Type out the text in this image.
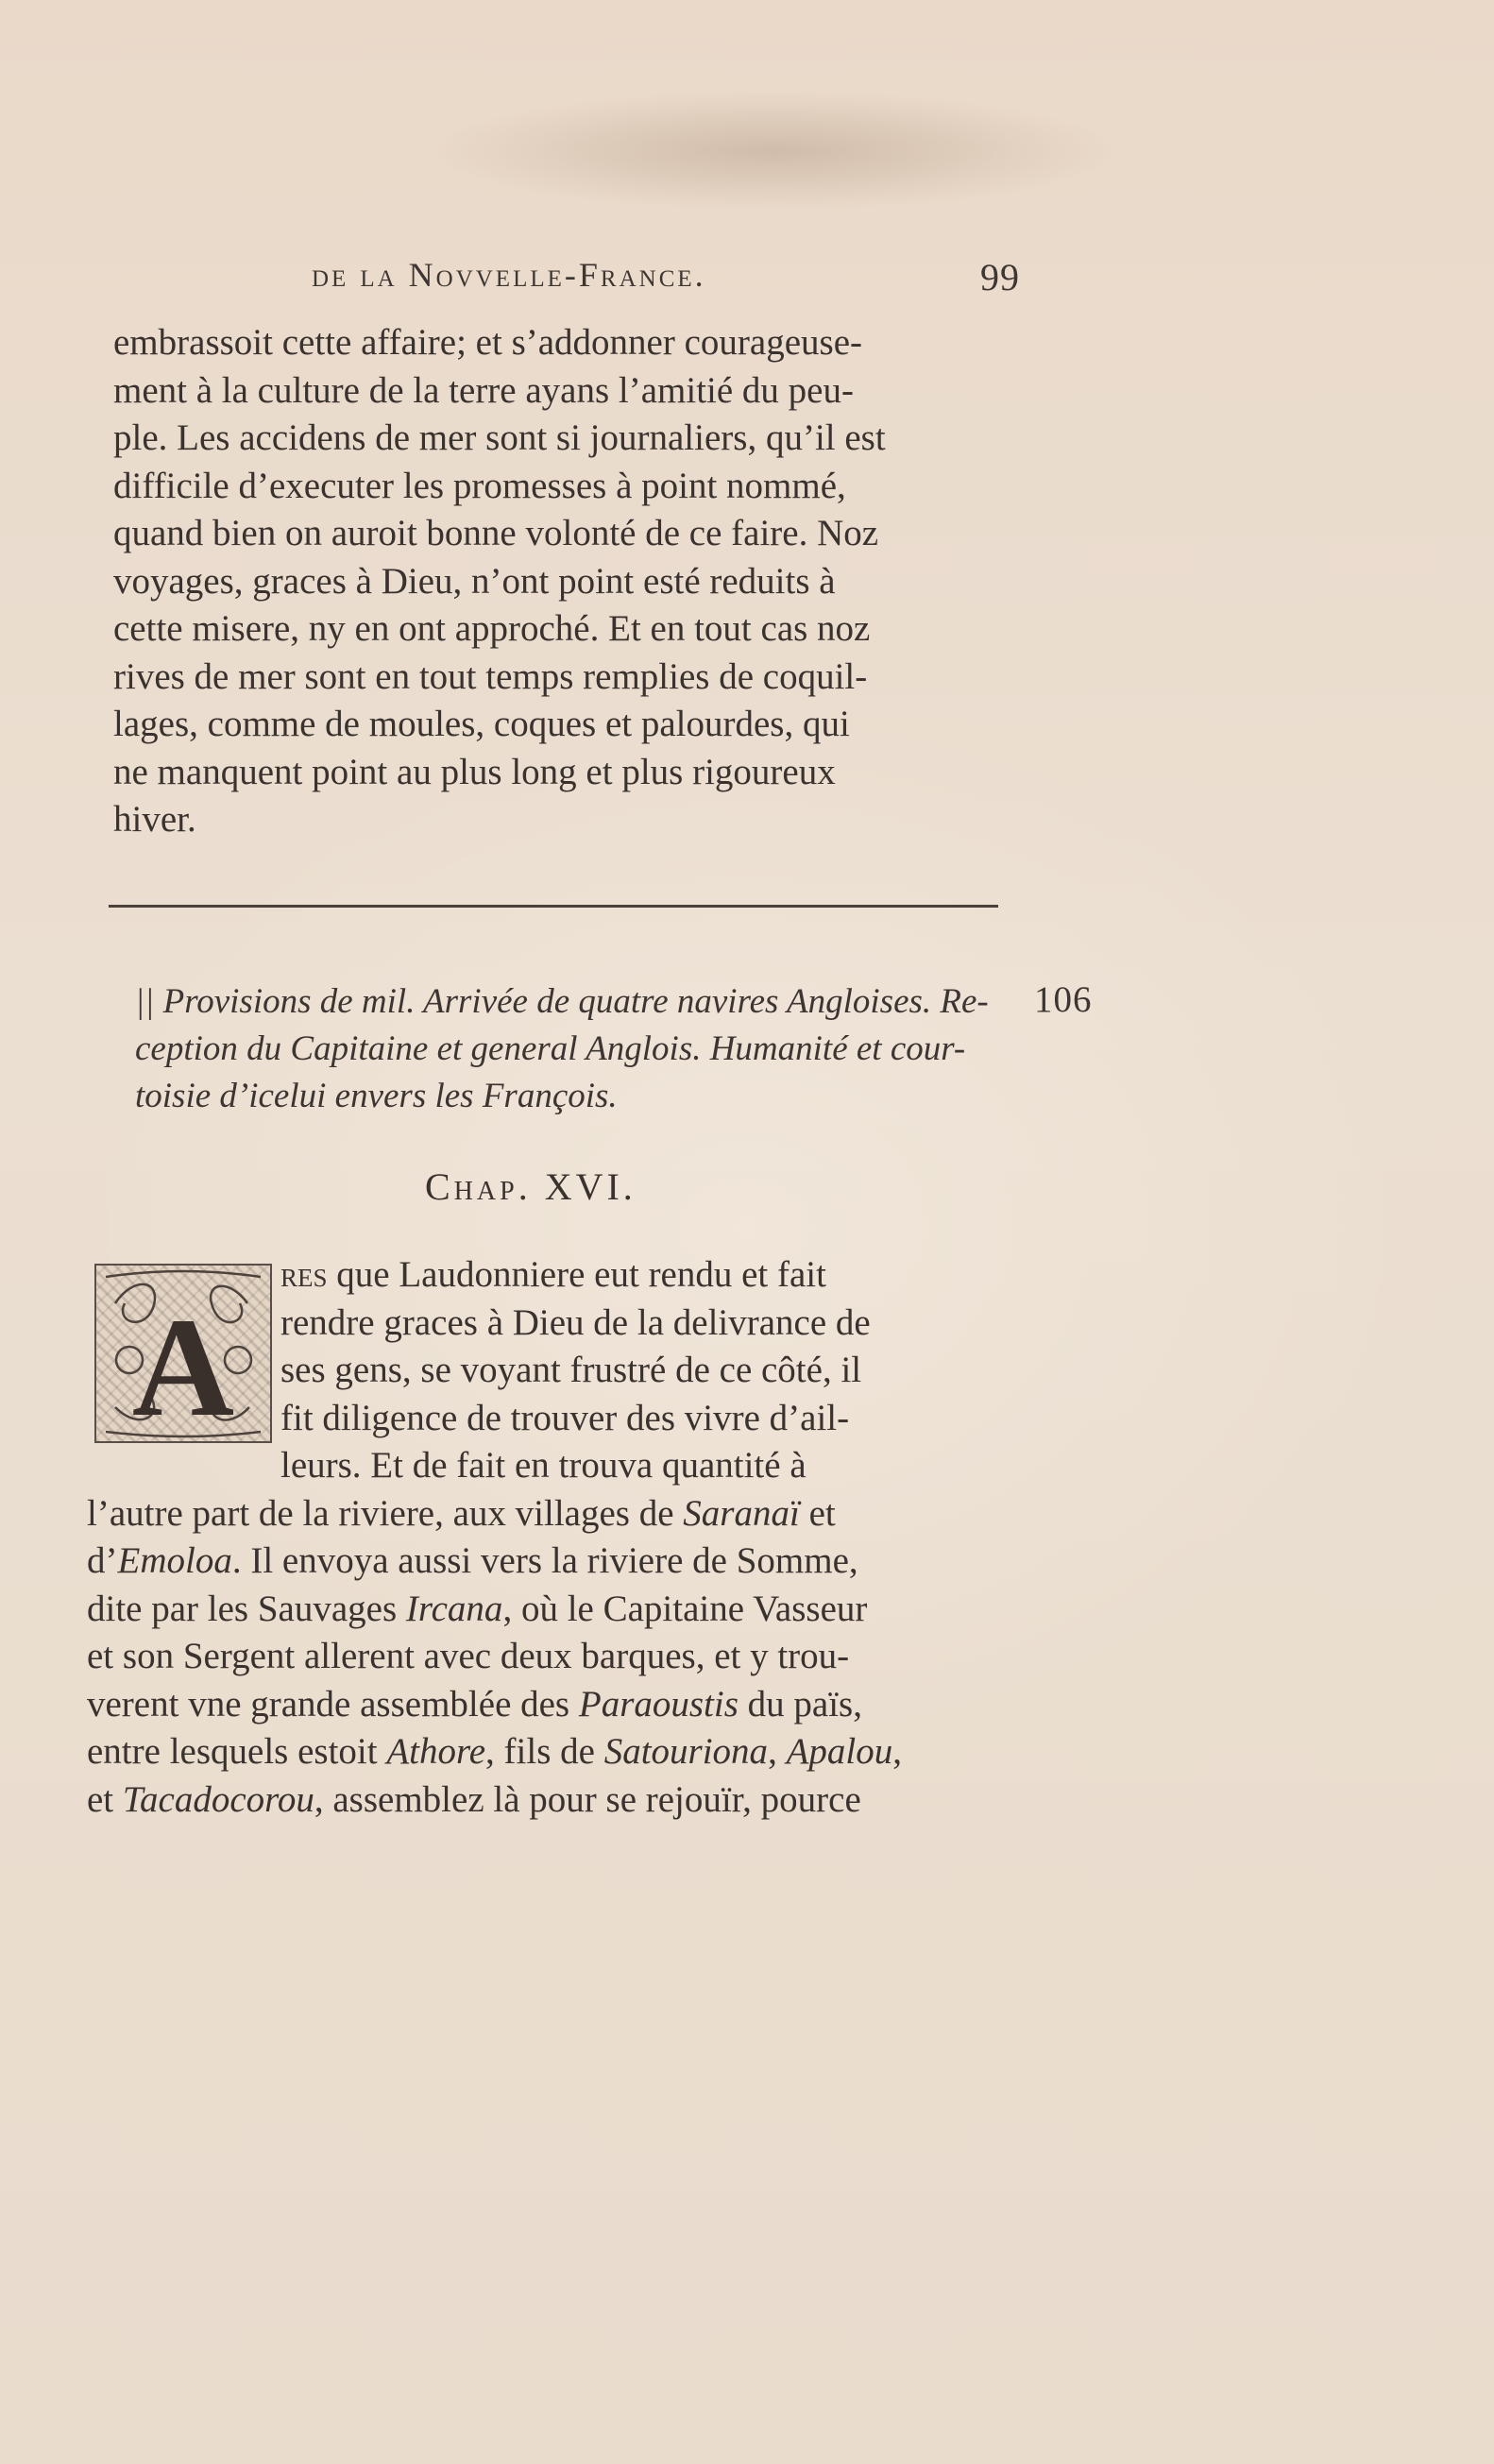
de la Novvelle-France.	99
embrassoit cette affaire; et s’addonner courageuse-
ment à la culture de la terre ayans l’amitié du peu-
ple. Les accidens de mer sont si journaliers, qu’il est
difficile d’executer les promesses à point nommé,
quand bien on auroit bonne volonté de ce faire. Noz
voyages, graces à Dieu, n’ont point esté reduits à
cette misere, ny en ont approché. Et en tout cas noz
rives de mer sont en tout temps remplies de coquil-
lages, comme de moules, coques et palourdes, qui
ne manquent point au plus long et plus rigoureux
hiver.
|| Provisions de mil. Arrivée de quatre navires Angloises. Re-
ception du Capitaine et general Anglois. Humanité et cour-
toisie d’icelui envers les François.
106
Chap. XVI.
A
res que Laudonniere eut rendu et fait
rendre graces à Dieu de la delivrance de
ses gens, se voyant frustré de ce côté, il
fit diligence de trouver des vivre d’ail-
leurs. Et de fait en trouva quantité à
l’autre part de la riviere, aux villages de Saranaï et
d’Emoloa. Il envoya aussi vers la riviere de Somme,
dite par les Sauvages Ircana, où le Capitaine Vasseur
et son Sergent allerent avec deux barques, et y trou-
verent vne grande assemblée des Paraoustis du païs,
entre lesquels estoit Athore, fils de Satouriona, Apalou,
et Tacadocorou, assemblez là pour se rejouïr, pource
